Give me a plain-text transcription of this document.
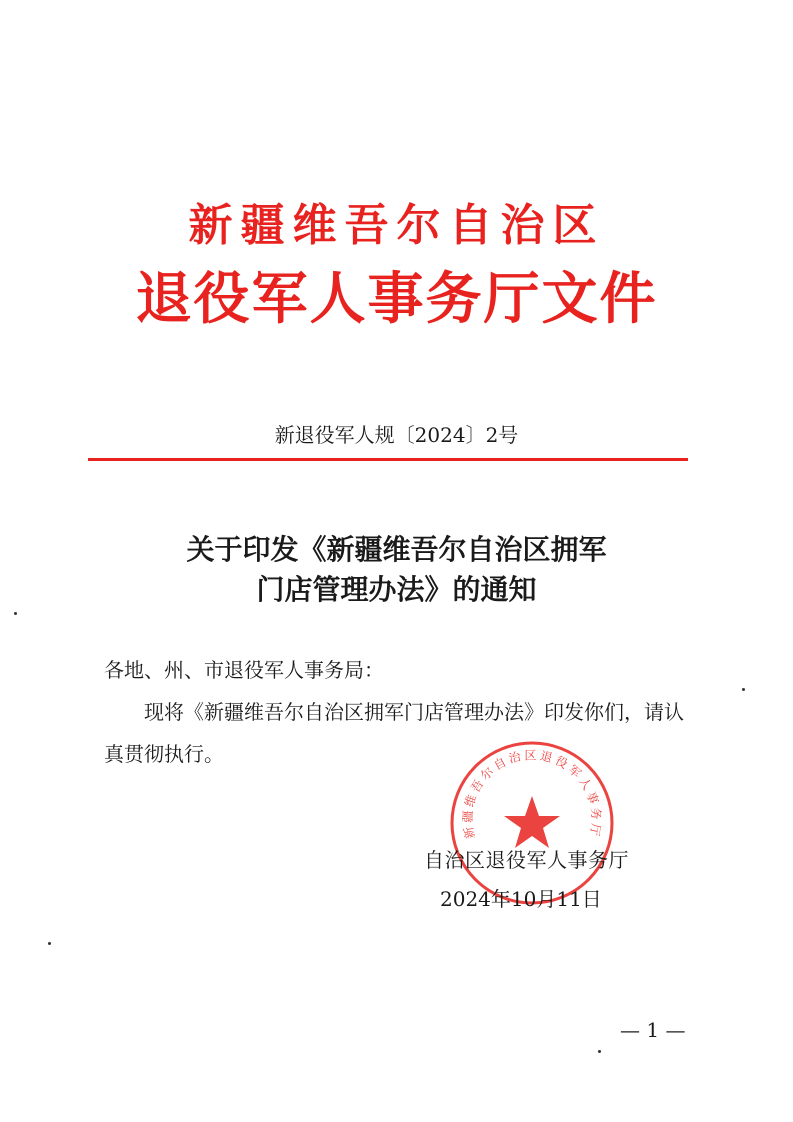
新疆维吾尔自治区
退役军人事务厅文件
新退役军人规〔2024〕2号
关于印发《新疆维吾尔自治区拥军
门店管理办法》的通知
各地、州、市退役军人事务局：
现将《新疆维吾尔自治区拥军门店管理办法》印发你们，请认真贯彻执行。
新疆维吾尔自治区退役军人事务厅
自治区退役军人事务厅
2024年10月11日
— 1 —
